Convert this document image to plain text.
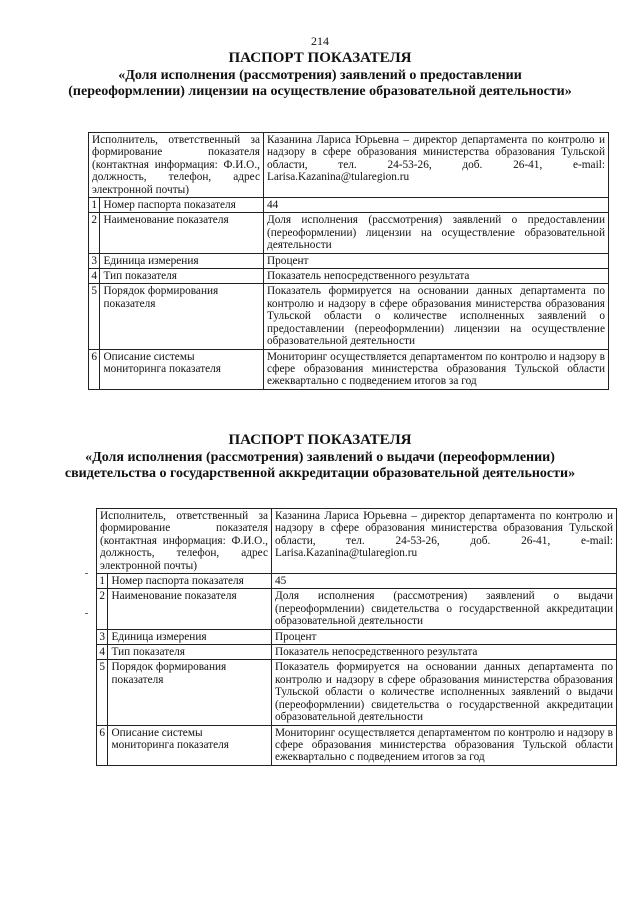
214
ПАСПОРТ ПОКАЗАТЕЛЯ
«Доля исполнения (рассмотрения) заявлений о предоставлении (переоформлении) лицензии на осуществление образовательной деятельности»
Исполнитель, ответственный за формирование показателя (контактная информация: Ф.И.О., должность, телефон, адрес электронной почты)		Казанина Лариса Юрьевна – директор департамента по контролю и надзору в сфере образования министерства образования Тульской области, тел. 24-53-26, доб. 26-41, e-mail: Larisa.Kazanina@tularegion.ru
1	Номер паспорта показателя	44
2	Наименование показателя	Доля исполнения (рассмотрения) заявлений о предоставлении (переоформлении) лицензии на осуществление образовательной деятельности
3	Единица измерения	Процент
4	Тип показателя	Показатель непосредственного результата
5	Порядок формирования показателя	Показатель формируется на основании данных департамента по контролю и надзору в сфере образования министерства образования Тульской области о количестве исполненных заявлений о предоставлении (переоформлении) лицензии на осуществление образовательной деятельности
6	Описание системы мониторинга показателя	Мониторинг осуществляется департаментом по контролю и надзору в сфере образования министерства образования Тульской области ежеквартально с подведением итогов за год
ПАСПОРТ ПОКАЗАТЕЛЯ
«Доля исполнения (рассмотрения) заявлений о выдачи (переоформлении) свидетельства о государственной аккредитации образовательной деятельности»
Исполнитель, ответственный за формирование показателя (контактная информация: Ф.И.О., должность, телефон, адрес электронной почты)		Казанина Лариса Юрьевна – директор департамента по контролю и надзору в сфере образования министерства образования Тульской области, тел. 24-53-26, доб. 26-41, e-mail: Larisa.Kazanina@tularegion.ru
1	Номер паспорта показателя	45
2	Наименование показателя	Доля исполнения (рассмотрения) заявлений о выдачи (переоформлении) свидетельства о государственной аккредитации образовательной деятельности
3	Единица измерения	Процент
4	Тип показателя	Показатель непосредственного результата
5	Порядок формирования показателя	Показатель формируется на основании данных департамента по контролю и надзору в сфере образования министерства образования Тульской области о количестве исполненных заявлений о выдачи (переоформлении) свидетельства о государственной аккредитации образовательной деятельности
6	Описание системы мониторинга показателя	Мониторинг осуществляется департаментом по контролю и надзору в сфере образования министерства образования Тульской области ежеквартально с подведением итогов за год
